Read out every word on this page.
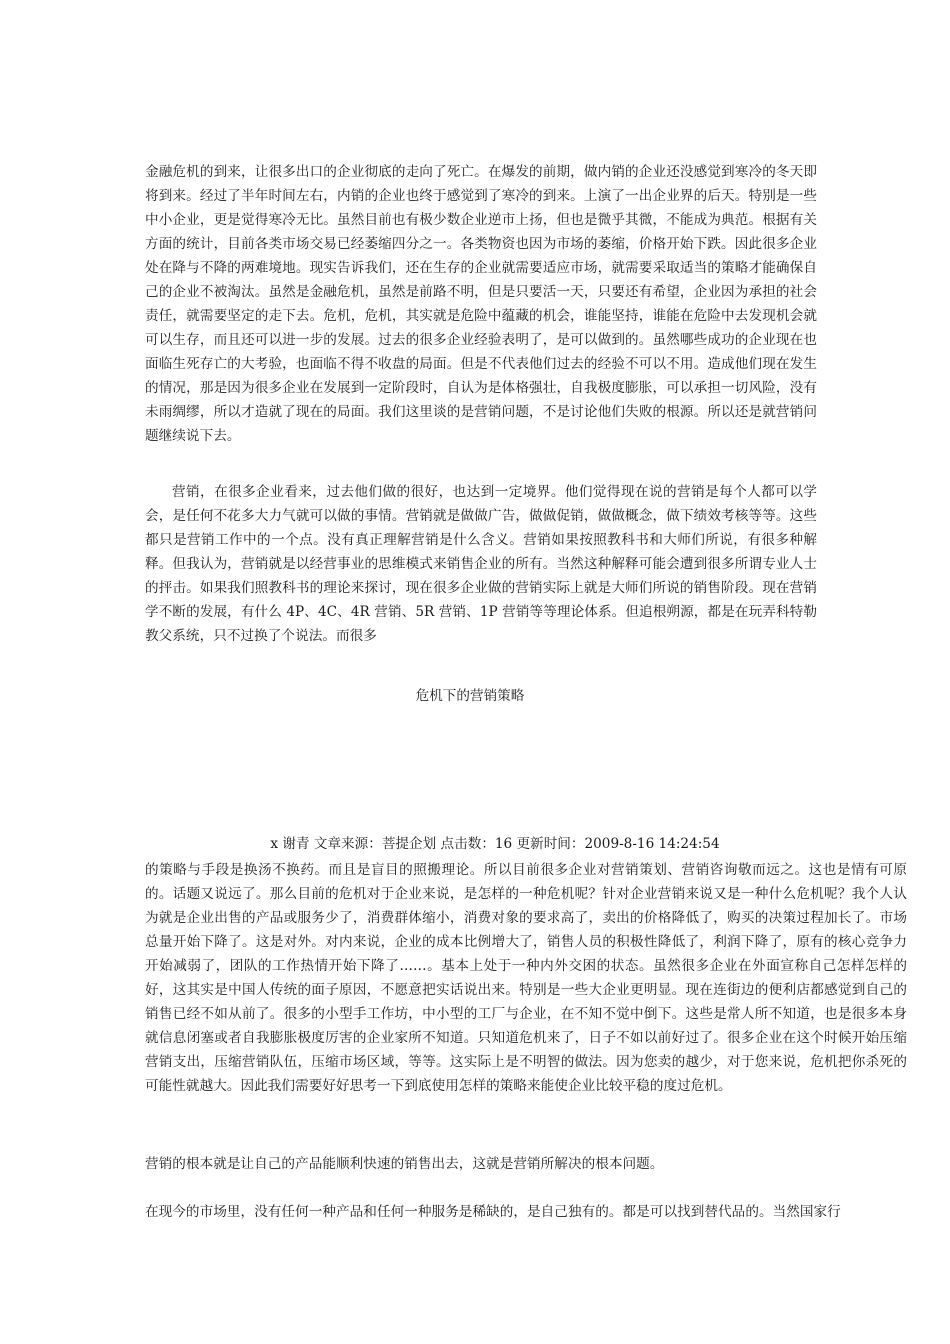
金融危机的到来，让很多出口的企业彻底的走向了死亡。在爆发的前期，做内销的企业还没感觉到寒冷的冬天即将到来。经过了半年时间左右，内销的企业也终于感觉到了寒冷的到来。上演了一出企业界的后天。特别是一些中小企业，更是觉得寒冷无比。虽然目前也有极少数企业逆市上扬，但也是微乎其微，不能成为典范。根据有关方面的统计，目前各类市场交易已经萎缩四分之一。各类物资也因为市场的萎缩，价格开始下跌。因此很多企业处在降与不降的两难境地。现实告诉我们，还在生存的企业就需要适应市场，就需要采取适当的策略才能确保自己的企业不被淘汰。虽然是金融危机，虽然是前路不明，但是只要活一天，只要还有希望，企业因为承担的社会责任，就需要坚定的走下去。危机，危机，其实就是危险中蕴藏的机会，谁能坚持，谁能在危险中去发现机会就可以生存，而且还可以进一步的发展。过去的很多企业经验表明了，是可以做到的。虽然哪些成功的企业现在也面临生死存亡的大考验，也面临不得不收盘的局面。但是不代表他们过去的经验不可以不用。造成他们现在发生的情况，那是因为很多企业在发展到一定阶段时，自认为是体格强壮，自我极度膨胀，可以承担一切风险，没有未雨绸缪，所以才造就了现在的局面。我们这里谈的是营销问题，不是讨论他们失败的根源。所以还是就营销问题继续说下去。

营销，在很多企业看来，过去他们做的很好，也达到一定境界。他们觉得现在说的营销是每个人都可以学会，是任何不花多大力气就可以做的事情。营销就是做做广告，做做促销，做做概念，做下绩效考核等等。这些都只是营销工作中的一个点。没有真正理解营销是什么含义。营销如果按照教科书和大师们所说，有很多种解释。但我认为，营销就是以经营事业的思维模式来销售企业的所有。当然这种解释可能会遭到很多所谓专业人士的抨击。如果我们照教科书的理论来探讨，现在很多企业做的营销实际上就是大师们所说的销售阶段。现在营销学不断的发展，有什么 4P、4C、4R 营销、5R 营销、1P 营销等等理论体系。但追根朔源，都是在玩弄科特勒教父系统，只不过换了个说法。而很多

危机下的营销策略
x 谢青 文章来源：菩提企划 点击数：16 更新时间：2009-8-16 14:24:54

的策略与手段是换汤不换药。而且是盲目的照搬理论。所以目前很多企业对营销策划、营销咨询敬而远之。这也是情有可原的。话题又说远了。那么目前的危机对于企业来说，是怎样的一种危机呢？针对企业营销来说又是一种什么危机呢？我个人认为就是企业出售的产品或服务少了，消费群体缩小，消费对象的要求高了，卖出的价格降低了，购买的决策过程加长了。市场总量开始下降了。这是对外。对内来说，企业的成本比例增大了，销售人员的积极性降低了，利润下降了，原有的核心竞争力开始减弱了，团队的工作热情开始下降了……。基本上处于一种内外交困的状态。虽然很多企业在外面宣称自己怎样怎样的好，这其实是中国人传统的面子原因，不愿意把实话说出来。特别是一些大企业更明显。现在连街边的便利店都感觉到自己的销售已经不如从前了。很多的小型手工作坊，中小型的工厂与企业，在不知不觉中倒下。这些是常人所不知道，也是很多本身就信息闭塞或者自我膨胀极度厉害的企业家所不知道。只知道危机来了，日子不如以前好过了。很多企业在这个时候开始压缩营销支出，压缩营销队伍，压缩市场区域，等等。这实际上是不明智的做法。因为您卖的越少，对于您来说，危机把你杀死的可能性就越大。因此我们需要好好思考一下到底使用怎样的策略来能使企业比较平稳的度过危机。

营销的根本就是让自己的产品能顺利快速的销售出去，这就是营销所解决的根本问题。

在现今的市场里，没有任何一种产品和任何一种服务是稀缺的，是自己独有的。都是可以找到替代品的。当然国家行
